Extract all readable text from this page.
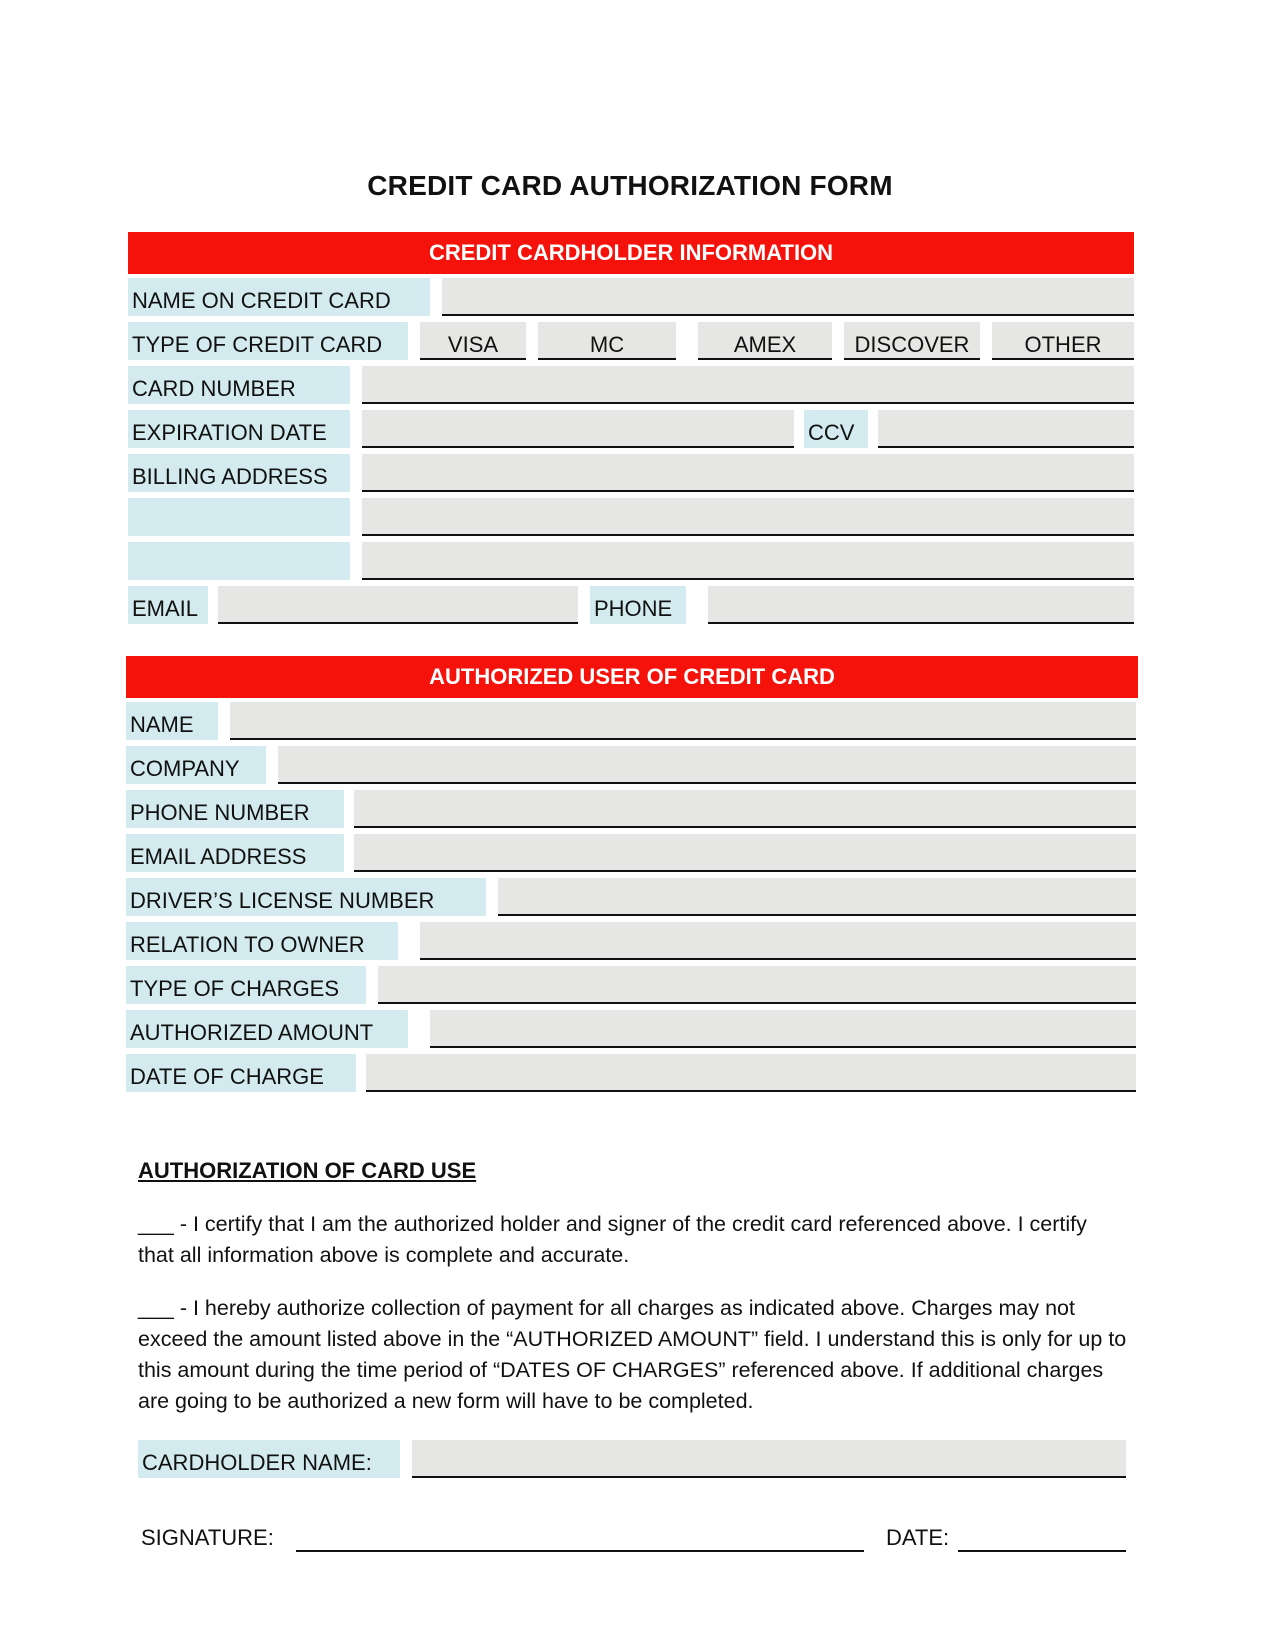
CREDIT CARD AUTHORIZATION FORM
CREDIT CARDHOLDER INFORMATION
NAME ON CREDIT CARD
TYPE OF CREDIT CARD	VISA	MC	AMEX	DISCOVER	OTHER
CARD NUMBER
EXPIRATION DATE	CCV
BILLING ADDRESS
EMAIL	PHONE
AUTHORIZED USER OF CREDIT CARD
NAME
COMPANY
PHONE NUMBER
EMAIL ADDRESS
DRIVER’S LICENSE NUMBER
RELATION TO OWNER
TYPE OF CHARGES
AUTHORIZED AMOUNT
DATE OF CHARGE
AUTHORIZATION OF CARD USE
___ - I certify that I am the authorized holder and signer of the credit card referenced above. I certify that all information above is complete and accurate.
___ - I hereby authorize collection of payment for all charges as indicated above. Charges may not exceed the amount listed above in the “AUTHORIZED AMOUNT” field. I understand this is only for up to this amount during the time period of “DATES OF CHARGES” referenced above. If additional charges are going to be authorized a new form will have to be completed.
CARDHOLDER NAME:
SIGNATURE:	DATE:
